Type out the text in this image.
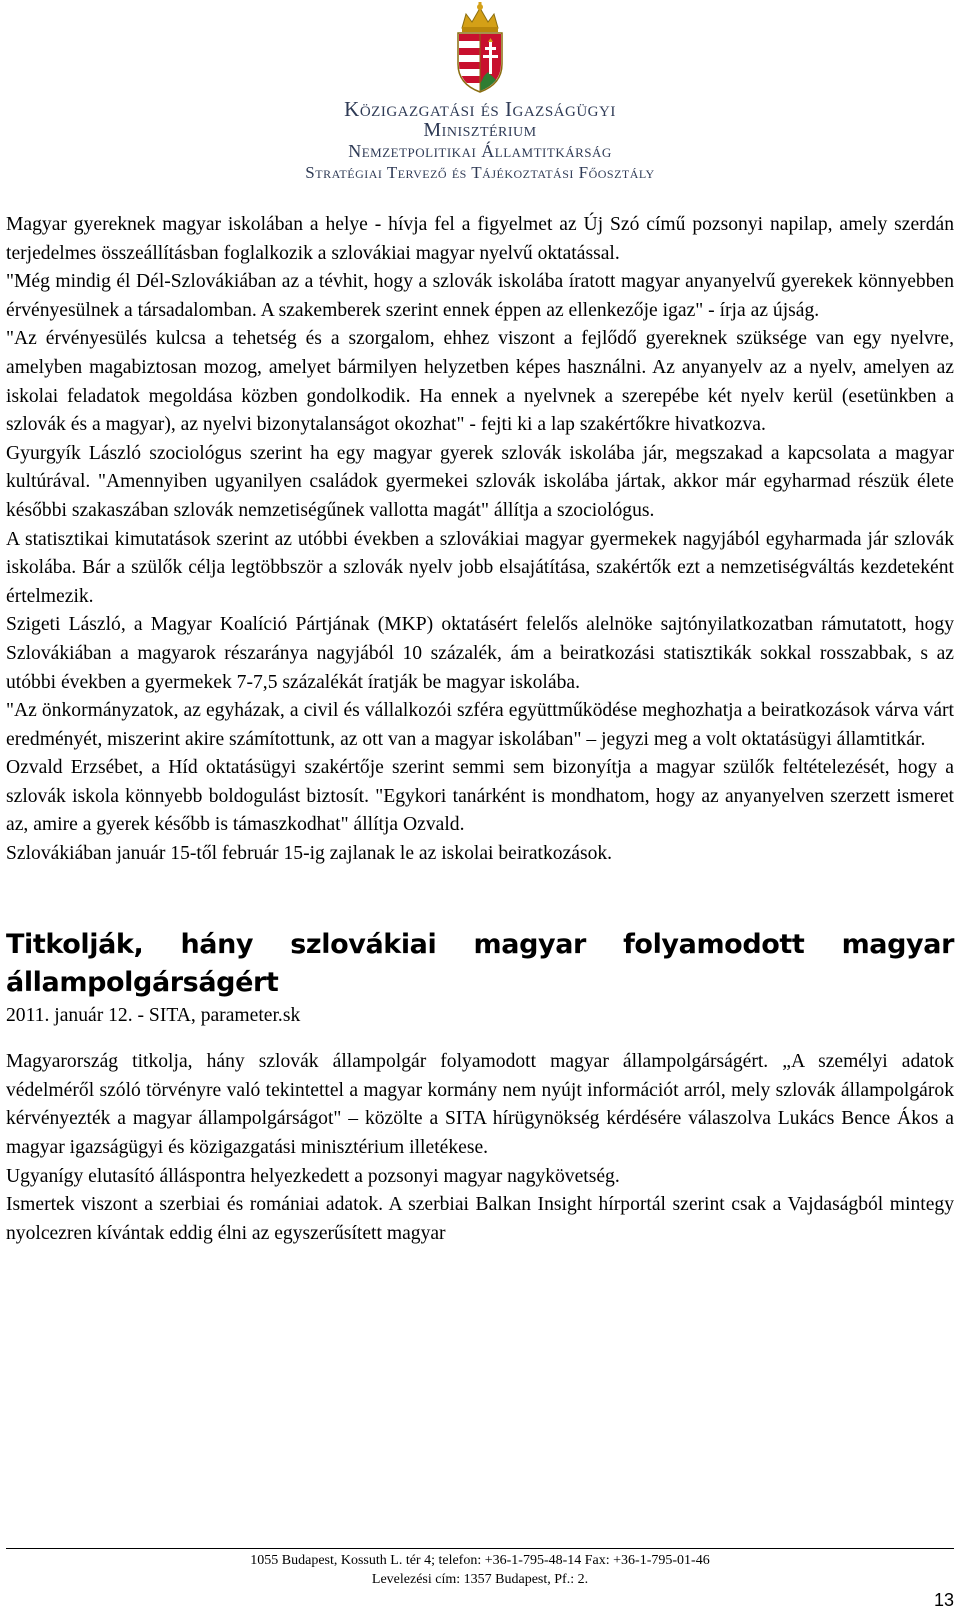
Közigazgatási és Igazságügyi
Minisztérium
Nemzetpolitikai Államtitkárság
Stratégiai Tervező és Tájékoztatási Főosztály

Magyar gyereknek magyar iskolában a helye - hívja fel a figyelmet az Új Szó című pozsonyi napilap, amely szerdán terjedelmes összeállításban foglalkozik a szlovákiai magyar nyelvű oktatással.

"Még mindig él Dél-Szlovákiában az a tévhit, hogy a szlovák iskolába íratott magyar anyanyelvű gyerekek könnyebben érvényesülnek a társadalomban. A szakemberek szerint ennek éppen az ellenkezője igaz" - írja az újság.

"Az érvényesülés kulcsa a tehetség és a szorgalom, ehhez viszont a fejlődő gyereknek szüksége van egy nyelvre, amelyben magabiztosan mozog, amelyet bármilyen helyzetben képes használni. Az anyanyelv az a nyelv, amelyen az iskolai feladatok megoldása közben gondolkodik. Ha ennek a nyelvnek a szerepébe két nyelv kerül (esetünkben a szlovák és a magyar), az nyelvi bizonytalanságot okozhat" - fejti ki a lap szakértőkre hivatkozva.

Gyurgyík László szociológus szerint ha egy magyar gyerek szlovák iskolába jár, megszakad a kapcsolata a magyar kultúrával. "Amennyiben ugyanilyen családok gyermekei szlovák iskolába jártak, akkor már egyharmad részük élete későbbi szakaszában szlovák nemzetiségűnek vallotta magát" állítja a szociológus.

A statisztikai kimutatások szerint az utóbbi években a szlovákiai magyar gyermekek nagyjából egyharmada jár szlovák iskolába. Bár a szülők célja legtöbbször a szlovák nyelv jobb elsajátítása, szakértők ezt a nemzetiségváltás kezdeteként értelmezik.

Szigeti László, a Magyar Koalíció Pártjának (MKP) oktatásért felelős alelnöke sajtónyilatkozatban rámutatott, hogy Szlovákiában a magyarok részaránya nagyjából 10 százalék, ám a beiratkozási statisztikák sokkal rosszabbak, s az utóbbi években a gyermekek 7-7,5 százalékát íratják be magyar iskolába.

"Az önkormányzatok, az egyházak, a civil és vállalkozói szféra együttműködése meghozhatja a beiratkozások várva várt eredményét, miszerint akire számítottunk, az ott van a magyar iskolában" – jegyzi meg a volt oktatásügyi államtitkár.

Ozvald Erzsébet, a Híd oktatásügyi szakértője szerint semmi sem bizonyítja a magyar szülők feltételezését, hogy a szlovák iskola könnyebb boldogulást biztosít. "Egykori tanárként is mondhatom, hogy az anyanyelven szerzett ismeret az, amire a gyerek később is támaszkodhat" állítja Ozvald.

Szlovákiában január 15-től február 15-ig zajlanak le az iskolai beiratkozások.

Titkolják, hány szlovákiai magyar folyamodott magyar állampolgárságért

2011. január 12. - SITA, parameter.sk

Magyarország titkolja, hány szlovák állampolgár folyamodott magyar állampolgárságért. „A személyi adatok védelméről szóló törvényre való tekintettel a magyar kormány nem nyújt információt arról, mely szlovák állampolgárok kérvényezték a magyar állampolgárságot" – közölte a SITA hírügynökség kérdésére válaszolva Lukács Bence Ákos a magyar igazságügyi és közigazgatási minisztérium illetékese.

Ugyanígy elutasító álláspontra helyezkedett a pozsonyi magyar nagykövetség.

Ismertek viszont a szerbiai és romániai adatok. A szerbiai Balkan Insight hírportál szerint csak a Vajdaságból mintegy nyolcezren kívántak eddig élni az egyszerűsített magyar

1055 Budapest, Kossuth L. tér 4; telefon: +36-1-795-48-14 Fax: +36-1-795-01-46
Levelezési cím: 1357 Budapest, Pf.: 2.
13
